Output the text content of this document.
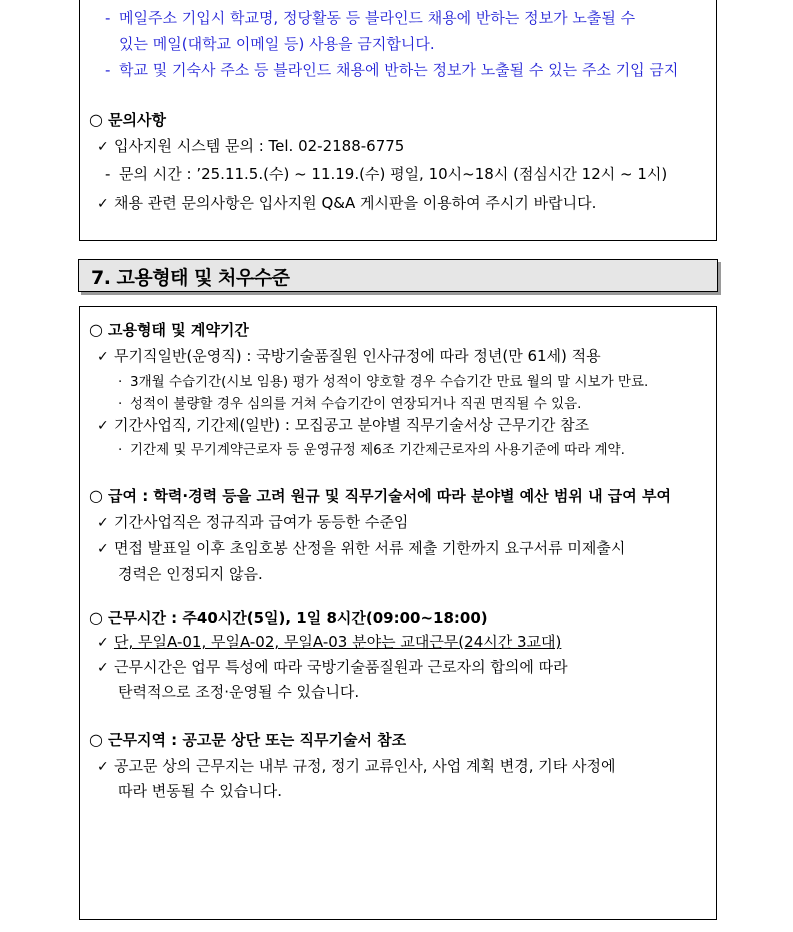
- 메일주소 기입시 학교명, 정당활동 등 블라인드 채용에 반하는 정보가 노출될 수
있는 메일(대학교 이메일 등) 사용을 금지합니다.
- 학교 및 기숙사 주소 등 블라인드 채용에 반하는 정보가 노출될 수 있는 주소 기입 금지
○ 문의사항
✓ 입사지원 시스템 문의 : Tel. 02-2188-6775
- 문의 시간 : ’25.11.5.(수) ~ 11.19.(수) 평일, 10시~18시 (점심시간 12시 ~ 1시)
✓ 채용 관련 문의사항은 입사지원 Q&A 게시판을 이용하여 주시기 바랍니다.
7. 고용형태 및 처우수준
○ 고용형태 및 계약기간
✓ 무기직일반(운영직) : 국방기술품질원 인사규정에 따라 정년(만 61세) 적용
· 3개월 수습기간(시보 임용) 평가 성적이 양호할 경우 수습기간 만료 월의 말 시보가 만료.
· 성적이 불량할 경우 심의를 거쳐 수습기간이 연장되거나 직권 면직될 수 있음.
✓ 기간사업직, 기간제(일반) : 모집공고 분야별 직무기술서상 근무기간 참조
· 기간제 및 무기계약근로자 등 운영규정 제6조 기간제근로자의 사용기준에 따라 계약.
○ 급여 : 학력·경력 등을 고려 원규 및 직무기술서에 따라 분야별 예산 범위 내 급여 부여
✓ 기간사업직은 정규직과 급여가 동등한 수준임
✓ 면접 발표일 이후 초임호봉 산정을 위한 서류 제출 기한까지 요구서류 미제출시
경력은 인정되지 않음.
○ 근무시간 : 주40시간(5일), 1일 8시간(09:00~18:00)
✓ 단, 무일A-01, 무일A-02, 무일A-03 분야는 교대근무(24시간 3교대)
✓ 근무시간은 업무 특성에 따라 국방기술품질원과 근로자의 합의에 따라
탄력적으로 조정·운영될 수 있습니다.
○ 근무지역 : 공고문 상단 또는 직무기술서 참조
✓ 공고문 상의 근무지는 내부 규정, 정기 교류인사, 사업 계획 변경, 기타 사정에
따라 변동될 수 있습니다.
